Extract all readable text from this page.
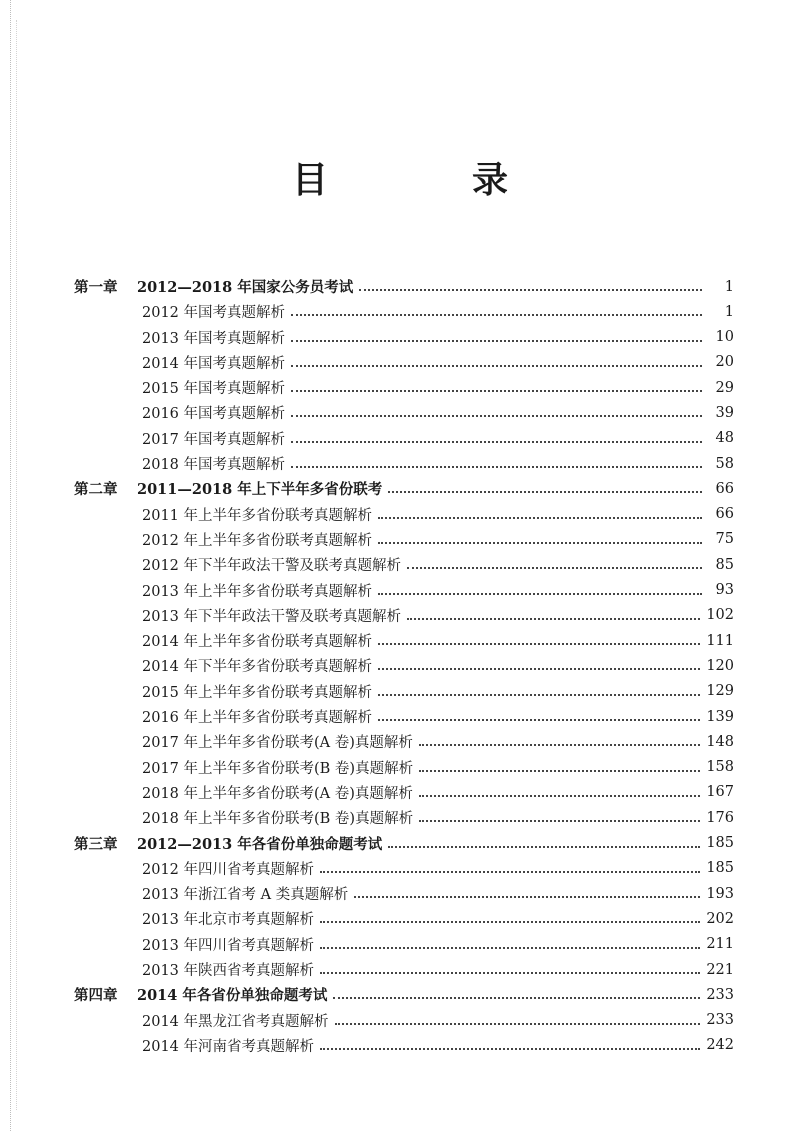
目　录
第一章 2012—2018 年国家公务员考试	1
2012 年国考真题解析	1
2013 年国考真题解析	10
2014 年国考真题解析	20
2015 年国考真题解析	29
2016 年国考真题解析	39
2017 年国考真题解析	48
2018 年国考真题解析	58
第二章 2011—2018 年上下半年多省份联考	66
2011 年上半年多省份联考真题解析	66
2012 年上半年多省份联考真题解析	75
2012 年下半年政法干警及联考真题解析	85
2013 年上半年多省份联考真题解析	93
2013 年下半年政法干警及联考真题解析	102
2014 年上半年多省份联考真题解析	111
2014 年下半年多省份联考真题解析	120
2015 年上半年多省份联考真题解析	129
2016 年上半年多省份联考真题解析	139
2017 年上半年多省份联考(A 卷)真题解析	148
2017 年上半年多省份联考(B 卷)真题解析	158
2018 年上半年多省份联考(A 卷)真题解析	167
2018 年上半年多省份联考(B 卷)真题解析	176
第三章 2012—2013 年各省份单独命题考试	185
2012 年四川省考真题解析	185
2013 年浙江省考 A 类真题解析	193
2013 年北京市考真题解析	202
2013 年四川省考真题解析	211
2013 年陕西省考真题解析	221
第四章 2014 年各省份单独命题考试	233
2014 年黑龙江省考真题解析	233
2014 年河南省考真题解析	242
